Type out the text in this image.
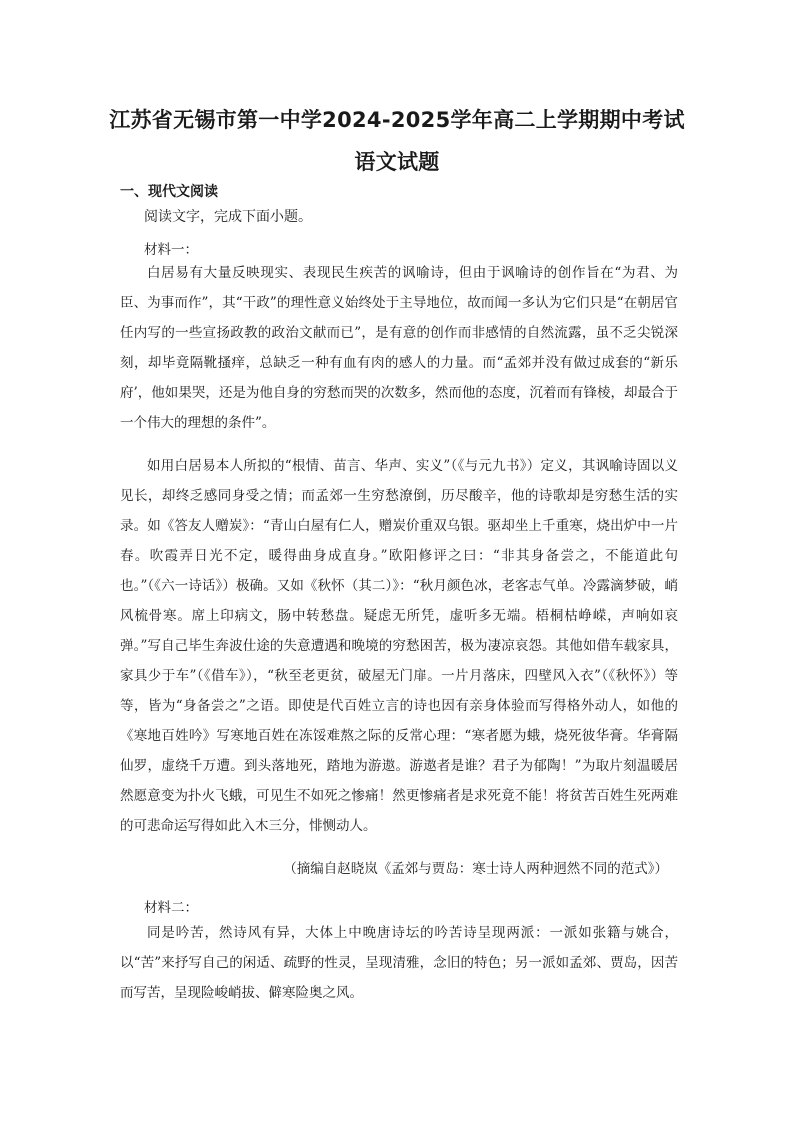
江苏省无锡市第一中学2024-2025学年高二上学期期中考试
语文试题
一、现代文阅读
阅读文字，完成下面小题。
材料一：

白居易有大量反映现实、表现民生疾苦的讽喻诗，但由于讽喻诗的创作旨在“为君、为臣、为事而作”，其“干政”的理性意义始终处于主导地位，故而闻一多认为它们只是“在朝居官任内写的一些宣扬政教的政治文献而已”，是有意的创作而非感情的自然流露，虽不乏尖锐深刻，却毕竟隔靴搔痒，总缺乏一种有血有肉的感人的力量。而“孟郊并没有做过成套的“新乐府’，他如果哭，还是为他自身的穷愁而哭的次数多，然而他的态度，沉着而有锋棱，却最合于一个伟大的理想的条件”。

如用白居易本人所拟的“根情、苗言、华声、实义”（《与元九书》）定义，其讽喻诗固以义见长，却终乏感同身受之情；而孟郊一生穷愁潦倒，历尽酸辛，他的诗歌却是穷愁生活的实录。如《答友人赠炭》：“青山白屋有仁人，赠炭价重双乌银。驱却坐上千重寒，烧出炉中一片春。吹霞弄日光不定，暖得曲身成直身。”欧阳修评之曰：“非其身备尝之，不能道此句也。”（《六一诗话》）极确。又如《秋怀（其二）》：“秋月颜色冰，老客志气单。冷露滴梦破，峭风梳骨寒。席上印病文，肠中转愁盘。疑虑无所凭，虚听多无端。梧桐枯峥嵘，声响如哀弹。”写自己毕生奔波仕途的失意遭遇和晚境的穷愁困苦，极为凄凉哀怨。其他如借车载家具，家具少于车”（《借车》），“秋至老更贫，破屋无门扉。一片月落床，四壁风入衣”（《秋怀》）等等，皆为“身备尝之”之语。即使是代百姓立言的诗也因有亲身体验而写得格外动人，如他的《寒地百姓吟》写寒地百姓在冻馁难熬之际的反常心理：“寒者愿为蛾，烧死彼华膏。华膏隔仙罗，虚绕千万遭。到头落地死，踏地为游遨。游遨者是谁？君子为郁陶！”为取片刻温暖居然愿意变为扑火飞蛾，可见生不如死之惨痛！然更惨痛者是求死竟不能！将贫苦百姓生死两难的可悲命运写得如此入木三分，悱恻动人。

（摘编自赵晓岚《孟郊与贾岛：寒士诗人两种迥然不同的范式》）
材料二：

同是吟苦，然诗风有异，大体上中晚唐诗坛的吟苦诗呈现两派：一派如张籍与姚合，以“苦”来抒写自己的闲适、疏野的性灵，呈现清雅，念旧的特色；另一派如孟郊、贾岛，因苦而写苦，呈现险峻峭拔、僻寒险奥之风。
